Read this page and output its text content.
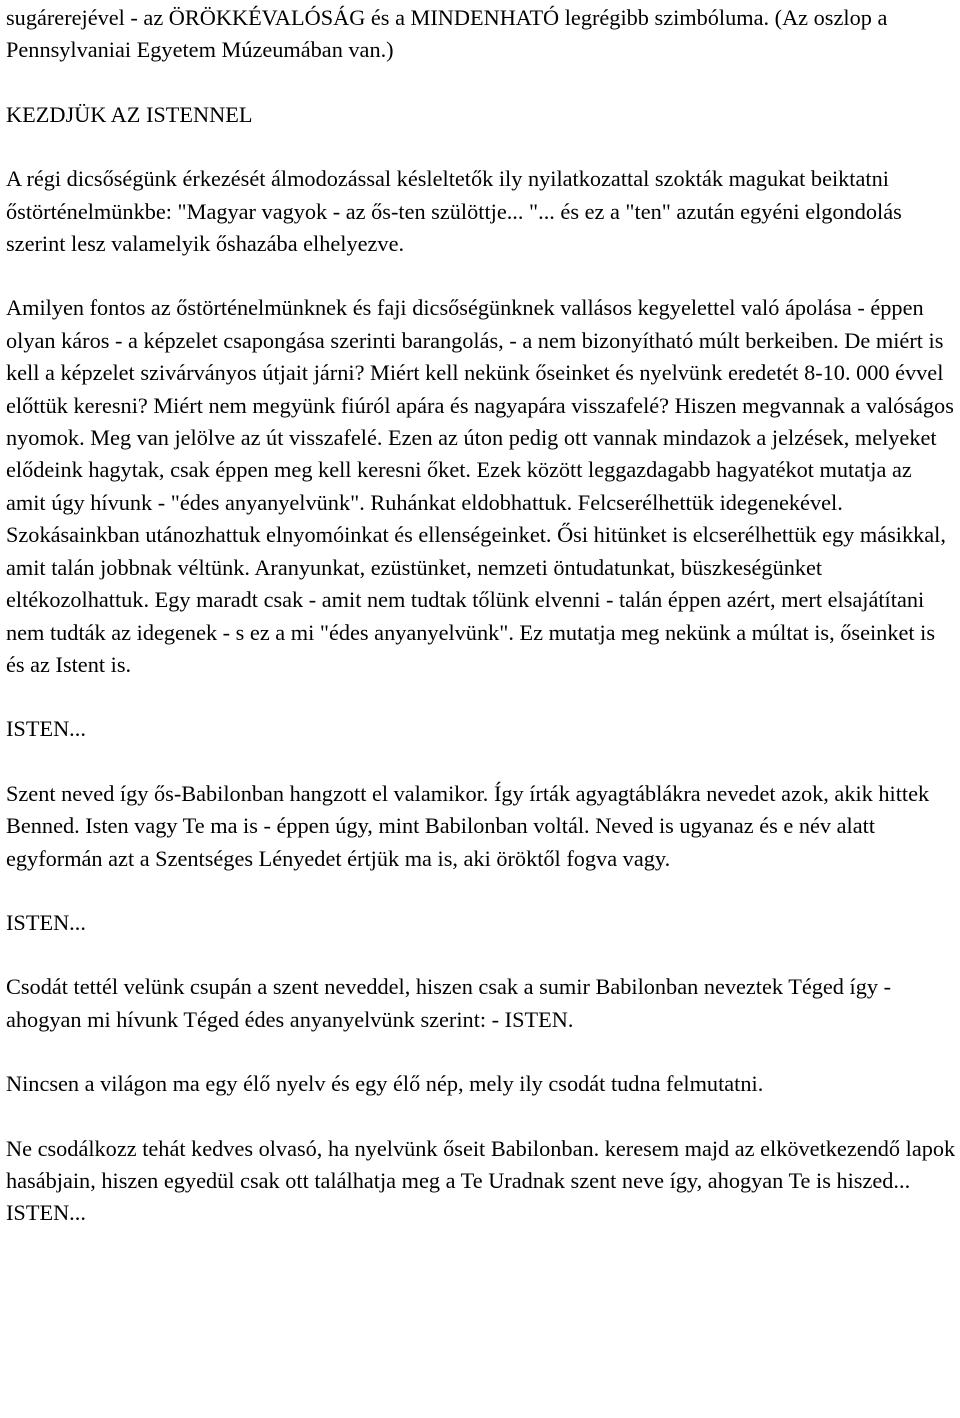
sugárerejével - az ÖRÖKKÉVALÓSÁG és a MINDENHATÓ legrégibb szimbóluma. (Az oszlop a Pennsylvaniai Egyetem Múzeumában van.)

KEZDJÜK AZ ISTENNEL

A régi dicsőségünk érkezését álmodozással késleltetők ily nyilatkozattal szokták magukat beiktatni őstörténelmünkbe: "Magyar vagyok - az ős-ten szülöttje... "... és ez a "ten" azután egyéni elgondolás szerint lesz valamelyik őshazába elhelyezve.

Amilyen fontos az őstörténelmünknek és faji dicsőségünknek vallásos kegyelettel való ápolása - éppen olyan káros - a képzelet csapongása szerinti barangolás, - a nem bizonyítható múlt berkeiben. De miért is kell a képzelet szivárványos útjait járni? Miért kell nekünk őseinket és nyelvünk eredetét 8-10. 000 évvel előttük keresni? Miért nem megyünk fiúról apára és nagyapára visszafelé? Hiszen megvannak a valóságos nyomok. Meg van jelölve az út visszafelé. Ezen az úton pedig ott vannak mindazok a jelzések, melyeket elődeink hagytak, csak éppen meg kell keresni őket. Ezek között leggazdagabb hagyatékot mutatja az amit úgy hívunk - "édes anyanyelvünk". Ruhánkat eldobhattuk. Felcserélhettük idegenekével. Szokásainkban utánozhattuk elnyomóinkat és ellenségeinket. Ősi hitünket is elcserélhettük egy másikkal, amit talán jobbnak véltünk. Aranyunkat, ezüstünket, nemzeti öntudatunkat, büszkeségünket eltékozolhattuk. Egy maradt csak - amit nem tudtak tőlünk elvenni - talán éppen azért, mert elsajátítani nem tudták az idegenek - s ez a mi "édes anyanyelvünk". Ez mutatja meg nekünk a múltat is, őseinket is és az Istent is.

ISTEN...

Szent neved így ős-Babilonban hangzott el valamikor. Így írták agyagtáblákra nevedet azok, akik hittek Benned. Isten vagy Te ma is - éppen úgy, mint Babilonban voltál. Neved is ugyanaz és e név alatt egyformán azt a Szentséges Lényedet értjük ma is, aki öröktől fogva vagy.

ISTEN...

Csodát tettél velünk csupán a szent neveddel, hiszen csak a sumir Babilonban neveztek Téged így - ahogyan mi hívunk Téged édes anyanyelvünk szerint: - ISTEN.

Nincsen a világon ma egy élő nyelv és egy élő nép, mely ily csodát tudna felmutatni.

Ne csodálkozz tehát kedves olvasó, ha nyelvünk őseit Babilonban. keresem majd az elkövetkezendő lapok hasábjain, hiszen egyedül csak ott találhatja meg a Te Uradnak szent neve így, ahogyan Te is hiszed... ISTEN...
